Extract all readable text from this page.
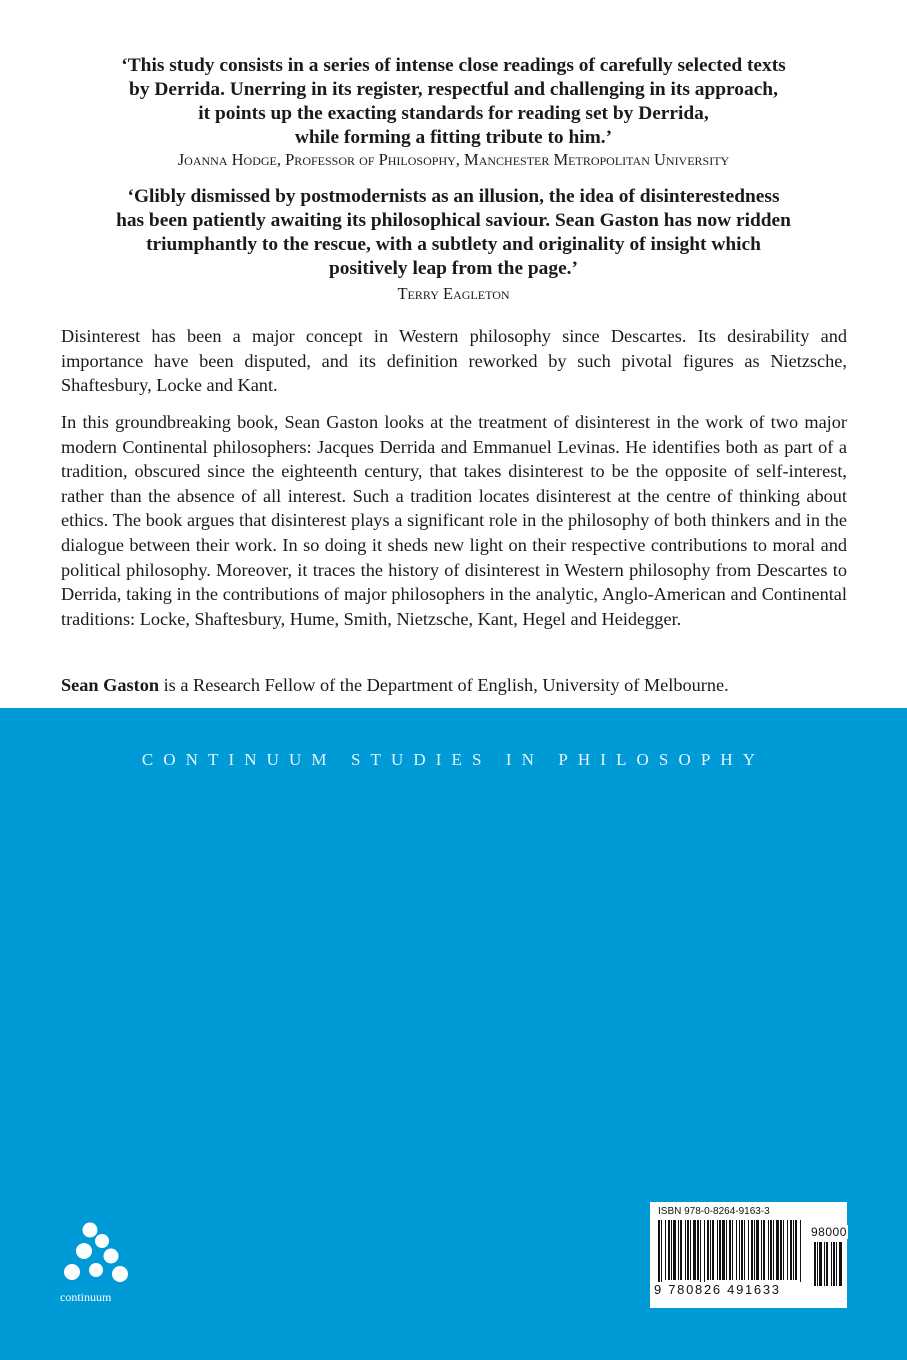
‘This study consists in a series of intense close readings of carefully selected texts
by Derrida. Unerring in its register, respectful and challenging in its approach,
it points up the exacting standards for reading set by Derrida,
while forming a fitting tribute to him.’

Joanna Hodge, Professor of Philosophy, Manchester Metropolitan University

‘Glibly dismissed by postmodernists as an illusion, the idea of disinterestedness
has been patiently awaiting its philosophical saviour. Sean Gaston has now ridden
triumphantly to the rescue, with a subtlety and originality of insight which
positively leap from the page.’

Terry Eagleton

Disinterest has been a major concept in Western philosophy since Descartes. Its desirability and importance have been disputed, and its definition reworked by such pivotal figures as Nietzsche, Shaftesbury, Locke and Kant.

In this groundbreaking book, Sean Gaston looks at the treatment of disinterest in the work of two major modern Continental philosophers: Jacques Derrida and Emmanuel Levinas. He identifies both as part of a tradition, obscured since the eighteenth century, that takes disinterest to be the opposite of self-interest, rather than the absence of all interest. Such a tradition locates disinterest at the centre of thinking about ethics. The book argues that disinterest plays a significant role in the philosophy of both thinkers and in the dialogue between their work. In so doing it sheds new light on their respective contributions to moral and political philosophy. Moreover, it traces the history of disinterest in Western philosophy from Descartes to Derrida, taking in the contributions of major philosophers in the analytic, Anglo-American and Continental traditions: Locke, Shaftesbury, Hume, Smith, Nietzsche, Kant, Hegel and Heidegger.

Sean Gaston is a Research Fellow of the Department of English, University of Melbourne.

CONTINUUM STUDIES IN PHILOSOPHY
continuum
ISBN 978-0-8264-9163-3
98000
9 780826 491633
